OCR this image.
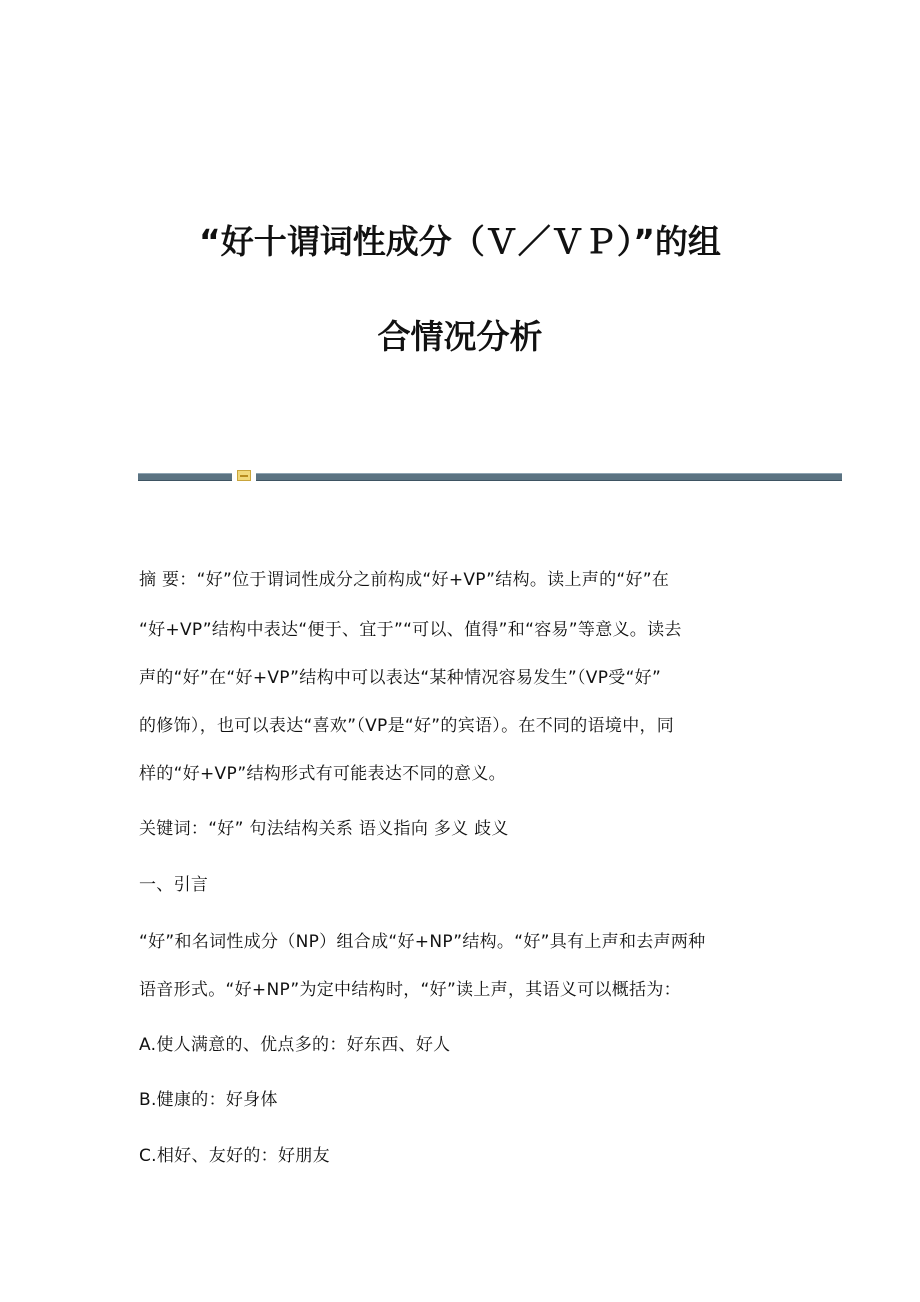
“好十谓词性成分（Ｖ／ＶＰ）”的组
合情况分析
摘 要：“好”位于谓词性成分之前构成“好+VP”结构。读上声的“好”在
“好+VP”结构中表达“便于、宜于”“可以、值得”和“容易”等意义。读去
声的“好”在“好+VP”结构中可以表达“某种情况容易发生”（VP受“好”
的修饰），也可以表达“喜欢”（VP是“好”的宾语）。在不同的语境中，同
样的“好+VP”结构形式有可能表达不同的意义。
关键词：“好” 句法结构关系 语义指向 多义 歧义
一、引言
“好”和名词性成分（NP）组合成“好+NP”结构。“好”具有上声和去声两种
语音形式。“好+NP”为定中结构时，“好”读上声，其语义可以概括为：
A.使人满意的、优点多的：好东西、好人
B.健康的：好身体
C.相好、友好的：好朋友
